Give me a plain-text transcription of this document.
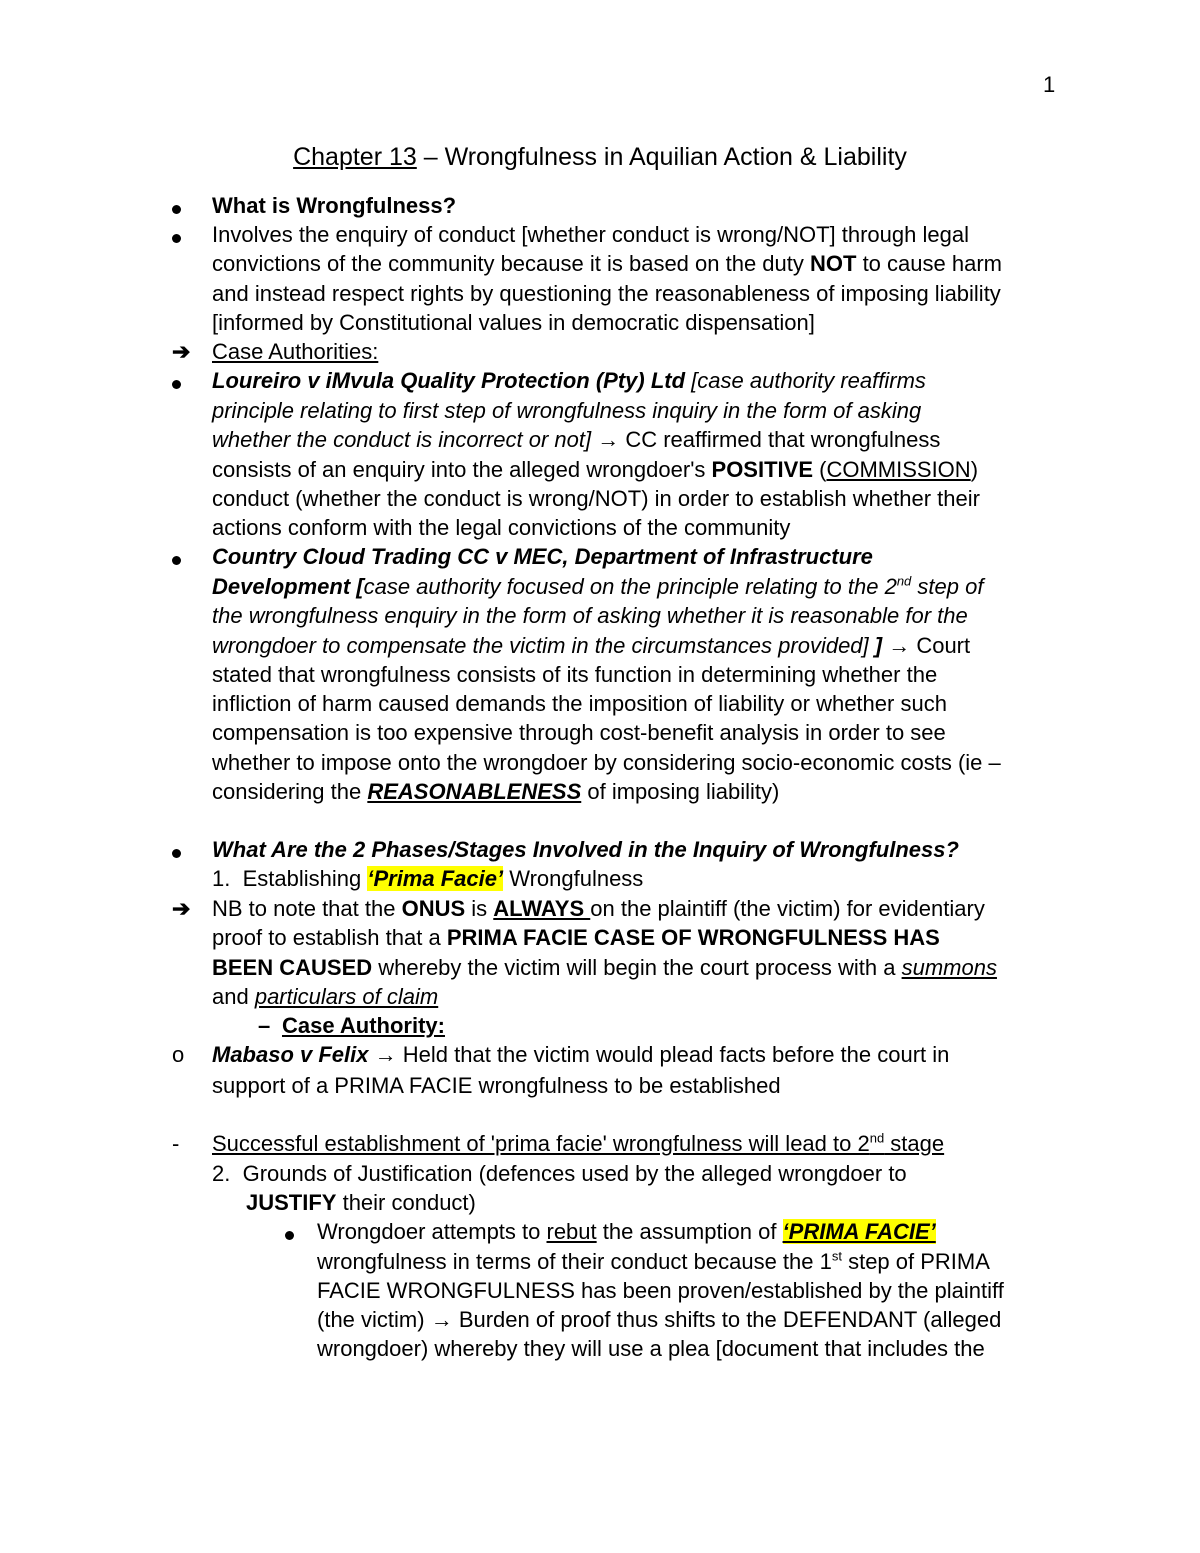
1
Chapter 13 – Wrongfulness in Aquilian Action & Liability
What is Wrongfulness?
Involves the enquiry of conduct [whether conduct is wrong/NOT] through legal
convictions of the community because it is based on the duty NOT to cause harm
and instead respect rights by questioning the reasonableness of imposing liability
[informed by Constitutional values in democratic dispensation]
➔ Case Authorities:
Loureiro v iMvula Quality Protection (Pty) Ltd [case authority reaffirms
principle relating to first step of wrongfulness inquiry in the form of asking
whether the conduct is incorrect or not] → CC reaffirmed that wrongfulness
consists of an enquiry into the alleged wrongdoer's POSITIVE (COMMISSION)
conduct (whether the conduct is wrong/NOT) in order to establish whether their
actions conform with the legal convictions of the community
Country Cloud Trading CC v MEC, Department of Infrastructure
Development [case authority focused on the principle relating to the 2nd step of
the wrongfulness enquiry in the form of asking whether it is reasonable for the
wrongdoer to compensate the victim in the circumstances provided] ] → Court
stated that wrongfulness consists of its function in determining whether the
infliction of harm caused demands the imposition of liability or whether such
compensation is too expensive through cost-benefit analysis in order to see
whether to impose onto the wrongdoer by considering socio-economic costs (ie –
considering the REASONABLENESS of imposing liability)
What Are the 2 Phases/Stages Involved in the Inquiry of Wrongfulness?
1. Establishing ‘Prima Facie’ Wrongfulness
➔ NB to note that the ONUS is ALWAYS on the plaintiff (the victim) for evidentiary
proof to establish that a PRIMA FACIE CASE OF WRONGFULNESS HAS
BEEN CAUSED whereby the victim will begin the court process with a summons
and particulars of claim
– Case Authority:
o Mabaso v Felix → Held that the victim would plead facts before the court in
support of a PRIMA FACIE wrongfulness to be established
- Successful establishment of 'prima facie' wrongfulness will lead to 2nd stage
2. Grounds of Justification (defences used by the alleged wrongdoer to
JUSTIFY their conduct)
Wrongdoer attempts to rebut the assumption of ‘PRIMA FACIE’
wrongfulness in terms of their conduct because the 1st step of PRIMA
FACIE WRONGFULNESS has been proven/established by the plaintiff
(the victim) → Burden of proof thus shifts to the DEFENDANT (alleged
wrongdoer) whereby they will use a plea [document that includes the
